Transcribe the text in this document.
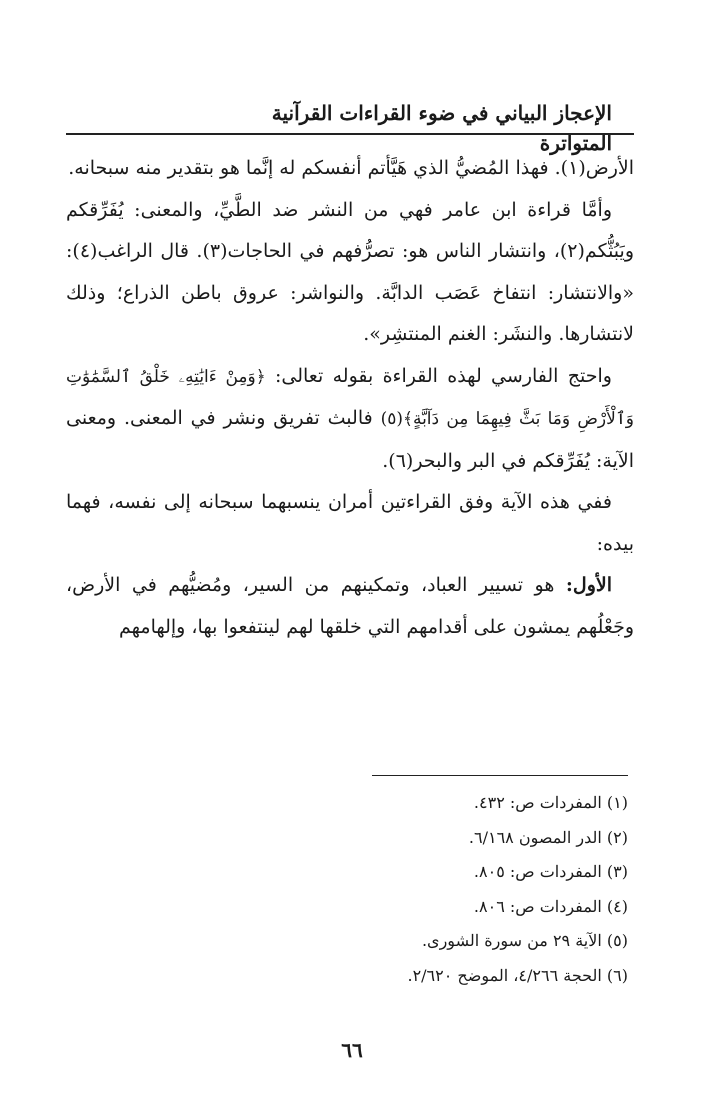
الإعجاز البياني في ضوء القراءات القرآنية المتواترة

الأرض(١). فهذا المُضيُّ الذي هَيَّأتم أنفسكم له إنَّما هو بتقدير منه سبحانه.

وأمَّا قراءة ابن عامر فهي من النشر ضد الطَّيِّ، والمعنى: يُفَرِّقكم ويَبُثُّكم(٢)، وانتشار الناس هو: تصرُّفهم في الحاجات(٣). قال الراغب(٤): «والانتشار: انتفاخ عَصَب الدابَّة. والنواشر: عروق باطن الذراع؛ وذلك لانتشارها. والنشَر: الغنم المنتشِر».

واحتج الفارسي لهذه القراءة بقوله تعالى: ﴿وَمِنْ ءَايَٰتِهِۦ خَلْقُ ٱلسَّمَٰوَٰتِ وَٱلْأَرْضِ وَمَا بَثَّ فِيهِمَا مِن دَآبَّةٍ﴾(٥) فالبث تفريق ونشر في المعنى. ومعنى الآية: يُفَرِّقكم في البر والبحر(٦).

ففي هذه الآية وفق القراءتين أمران ينسبهما سبحانه إلى نفسه، فهما بيده:

الأول: هو تسيير العباد، وتمكينهم من السير، ومُضيُّهم في الأرض، وجَعْلُهم يمشون على أقدامهم التي خلقها لهم لينتفعوا بها، وإلهامهم

(١) المفردات ص: ٤٣٢.
(٢) الدر المصون ٦/١٦٨.
(٣) المفردات ص: ٨٠٥.
(٤) المفردات ص: ٨٠٦.
(٥) الآية ٢٩ من سورة الشورى.
(٦) الحجة ٤/٢٦٦، الموضح ٢/٦٢٠.
٦٦
